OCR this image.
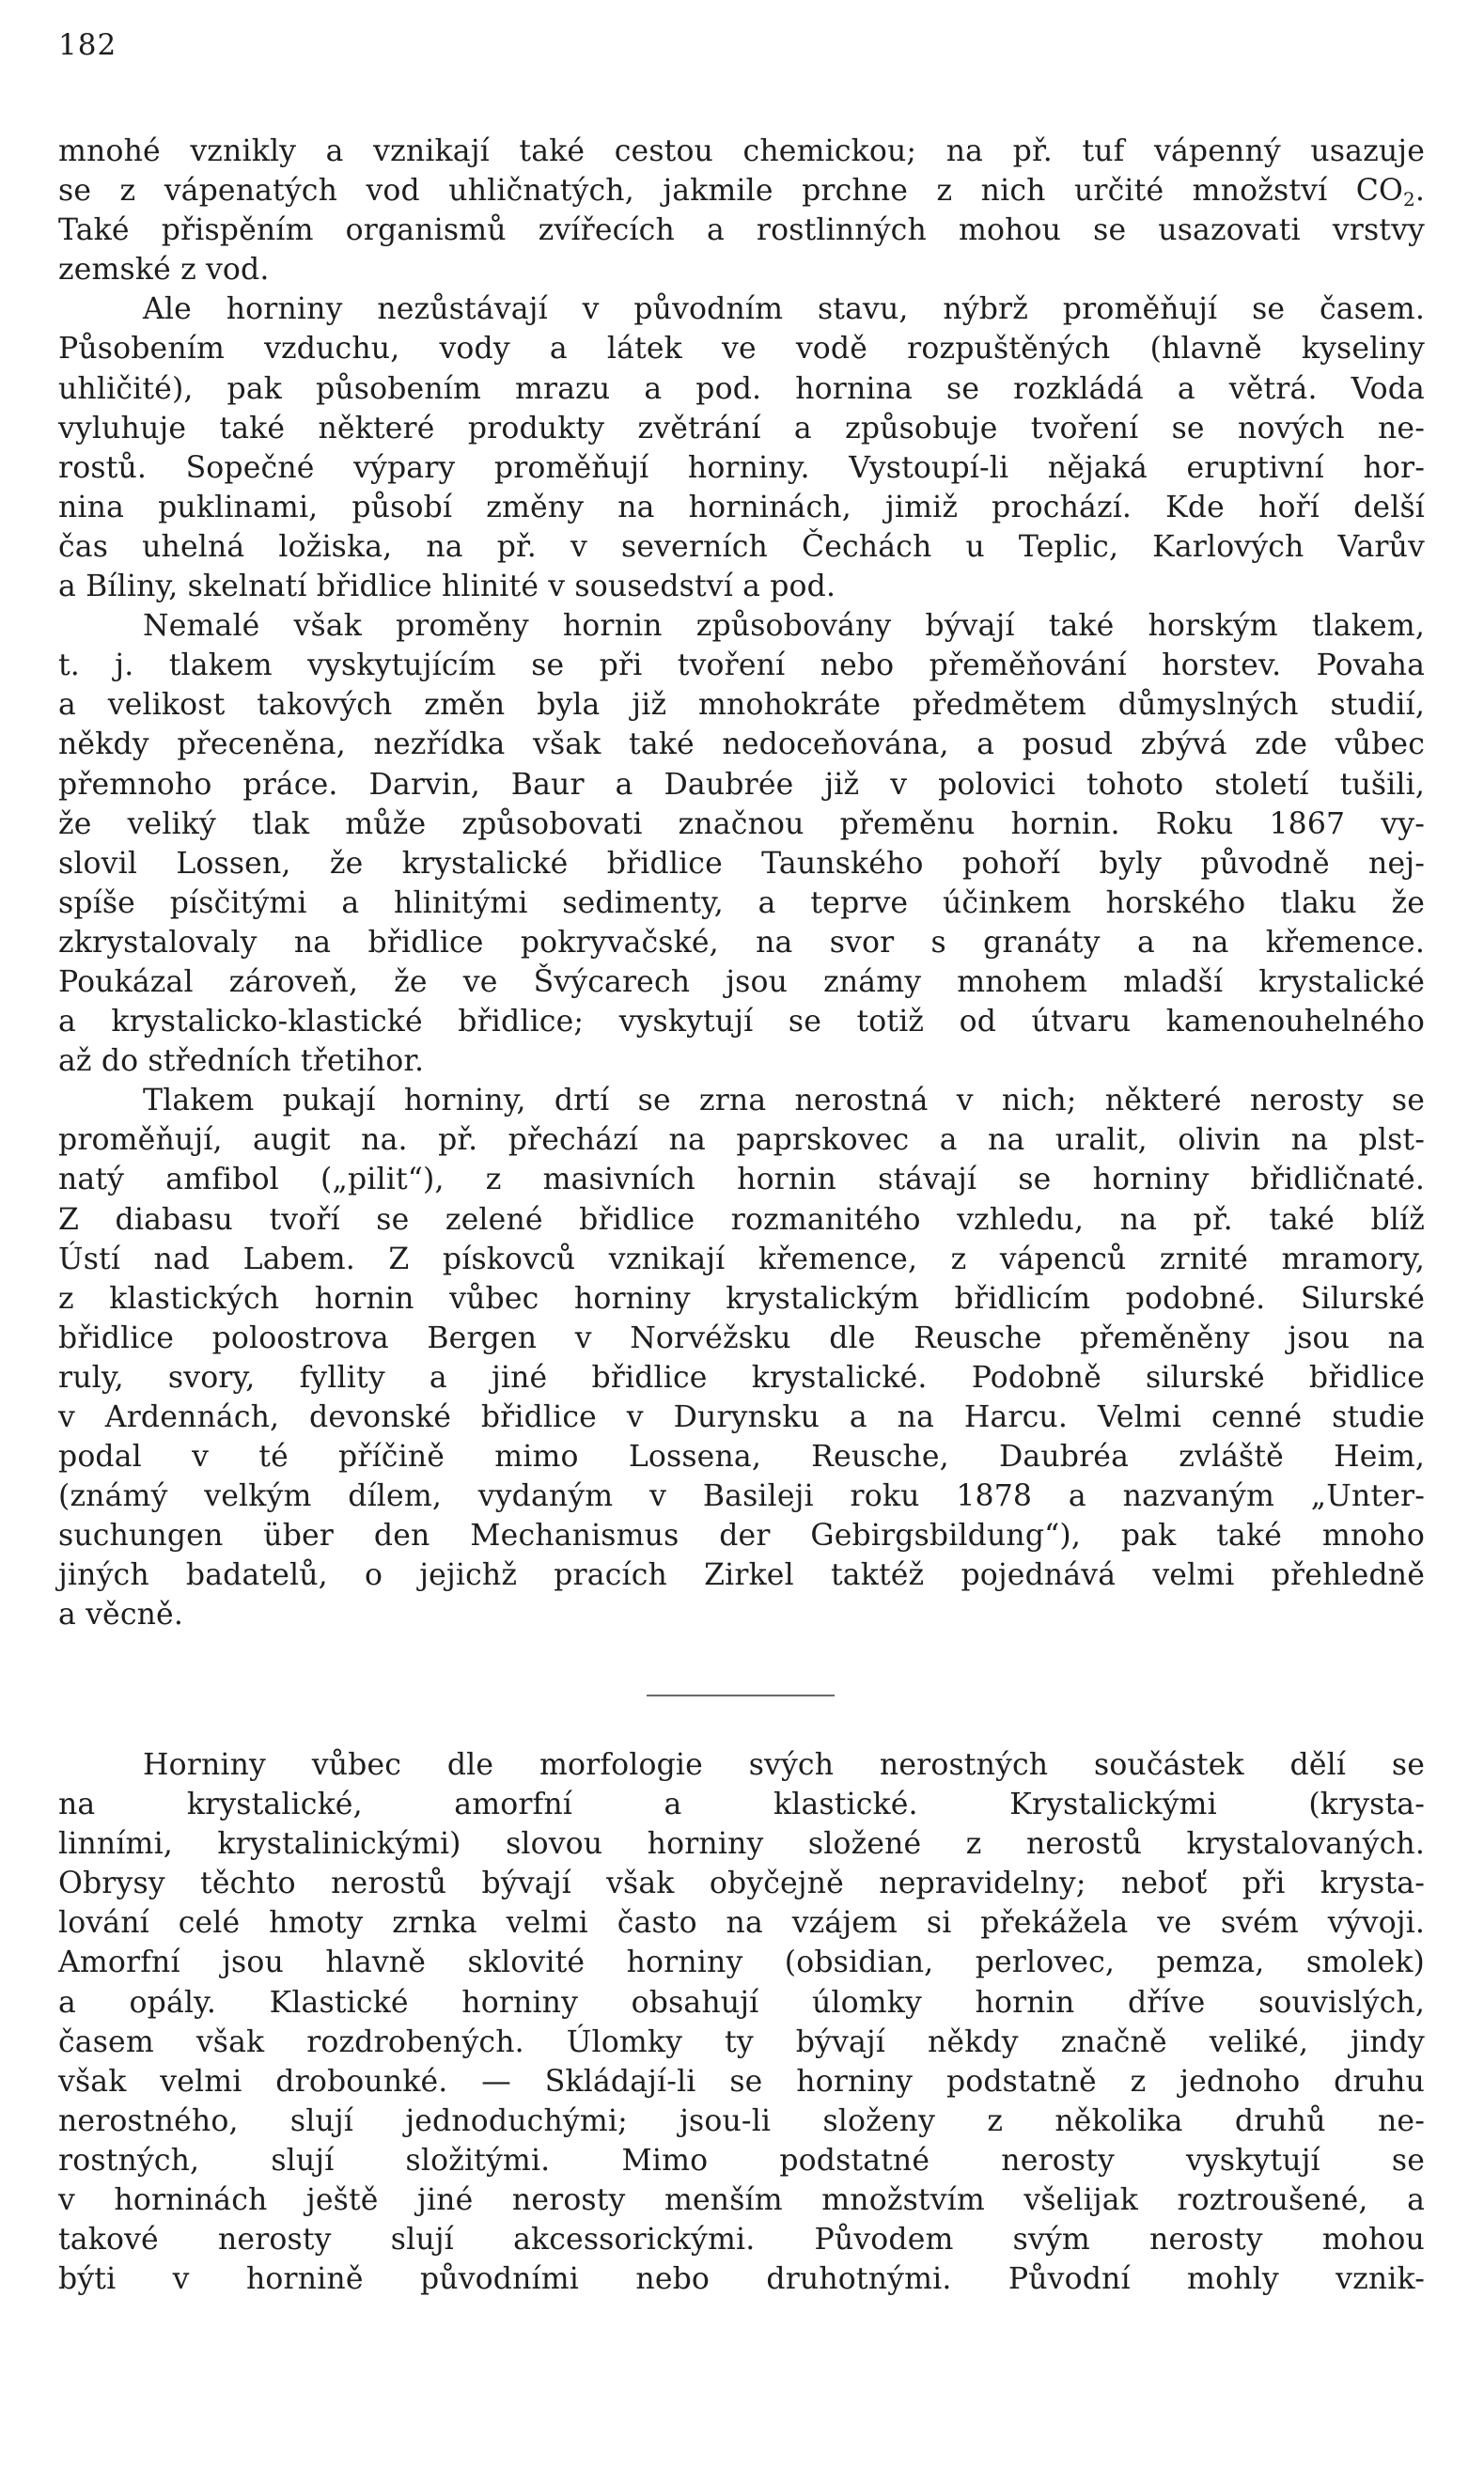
182
mnohé vznikly a vznikají také cestou chemickou; na př. tuf vápenný usazuje
se z vápenatých vod uhličnatých, jakmile prchne z nich určité množství $CO_2$.
Také přispěním organismů zvířecích a rostlinných mohou se usazovati vrstvy
zemské z vod.
Ale horniny nezůstávají v původním stavu, nýbrž proměňují se časem.
Působením vzduchu, vody a látek ve vodě rozpuštěných (hlavně kyseliny
uhličité), pak působením mrazu a pod. hornina se rozkládá a větrá. Voda
vyluhuje také některé produkty zvětrání a způsobuje tvoření se nových ne-
rostů. Sopečné výpary proměňují horniny. Vystoupí-li nějaká eruptivní hor-
nina puklinami, působí změny na horninách, jimiž prochází. Kde hoří delší
čas uhelná ložiska, na př. v severních Čechách u Teplic, Karlových Varův
a Bíliny, skelnatí břidlice hlinité v sousedství a pod.
Nemalé však proměny hornin způsobovány bývají také horským tlakem,
t. j. tlakem vyskytujícím se při tvoření nebo přeměňování horstev. Povaha
a velikost takových změn byla již mnohokráte předmětem důmyslných studií,
někdy přeceněna, nezřídka však také nedoceňována, a posud zbývá zde vůbec
přemnoho práce. Darvin, Baur a Daubrée již v polovici tohoto století tušili,
že veliký tlak může způsobovati značnou přeměnu hornin. Roku 1867 vy-
slovil Lossen, že krystalické břidlice Taunského pohoří byly původně nej-
spíše písčitými a hlinitými sedimenty, a teprve účinkem horského tlaku že
zkrystalovaly na břidlice pokryvačské, na svor s granáty a na křemence.
Poukázal zároveň, že ve Švýcarech jsou známy mnohem mladší krystalické
a krystalicko-klastické břidlice; vyskytují se totiž od útvaru kamenouhelného
až do středních třetihor.
Tlakem pukají horniny, drtí se zrna nerostná v nich; některé nerosty se
proměňují, augit na. př. přechází na paprskovec a na uralit, olivin na plst-
natý amfibol („pilit“), z masivních hornin stávají se horniny břidličnaté.
Z diabasu tvoří se zelené břidlice rozmanitého vzhledu, na př. také blíž
Ústí nad Labem. Z pískovců vznikají křemence, z vápenců zrnité mramory,
z klastických hornin vůbec horniny krystalickým břidlicím podobné. Silurské
břidlice poloostrova Bergen v Norvéžsku dle Reusche přeměněny jsou na
ruly, svory, fyllity a jiné břidlice krystalické. Podobně silurské břidlice
v Ardennách, devonské břidlice v Durynsku a na Harcu. Velmi cenné studie
podal v té příčině mimo Lossena, Reusche, Daubréa zvláště Heim,
(známý velkým dílem, vydaným v Basileji roku 1878 a nazvaným „Unter-
suchungen über den Mechanismus der Gebirgsbildung“), pak také mnoho
jiných badatelů, o jejichž pracích Zirkel taktéž pojednává velmi přehledně
a věcně.
Horniny vůbec dle morfologie svých nerostných součástek dělí se
na krystalické, amorfní a klastické. Krystalickými (krysta-
linními, krystalinickými) slovou horniny složené z nerostů krystalovaných.
Obrysy těchto nerostů bývají však obyčejně nepravidelny; neboť při krysta-
lování celé hmoty zrnka velmi často na vzájem si překážela ve svém vývoji.
Amorfní jsou hlavně sklovité horniny (obsidian, perlovec, pemza, smolek)
a opály. Klastické horniny obsahují úlomky hornin dříve souvislých,
časem však rozdrobených. Úlomky ty bývají někdy značně veliké, jindy
však velmi drobounké. — Skládají-li se horniny podstatně z jednoho druhu
nerostného, slují jednoduchými; jsou-li složeny z několika druhů ne-
rostných, slují složitými. Mimo podstatné nerosty vyskytují se
v horninách ještě jiné nerosty menším množstvím všelijak roztroušené, a
takové nerosty slují akcessorickými. Původem svým nerosty mohou
býti v hornině původními nebo druhotnými. Původní mohly vznik-
